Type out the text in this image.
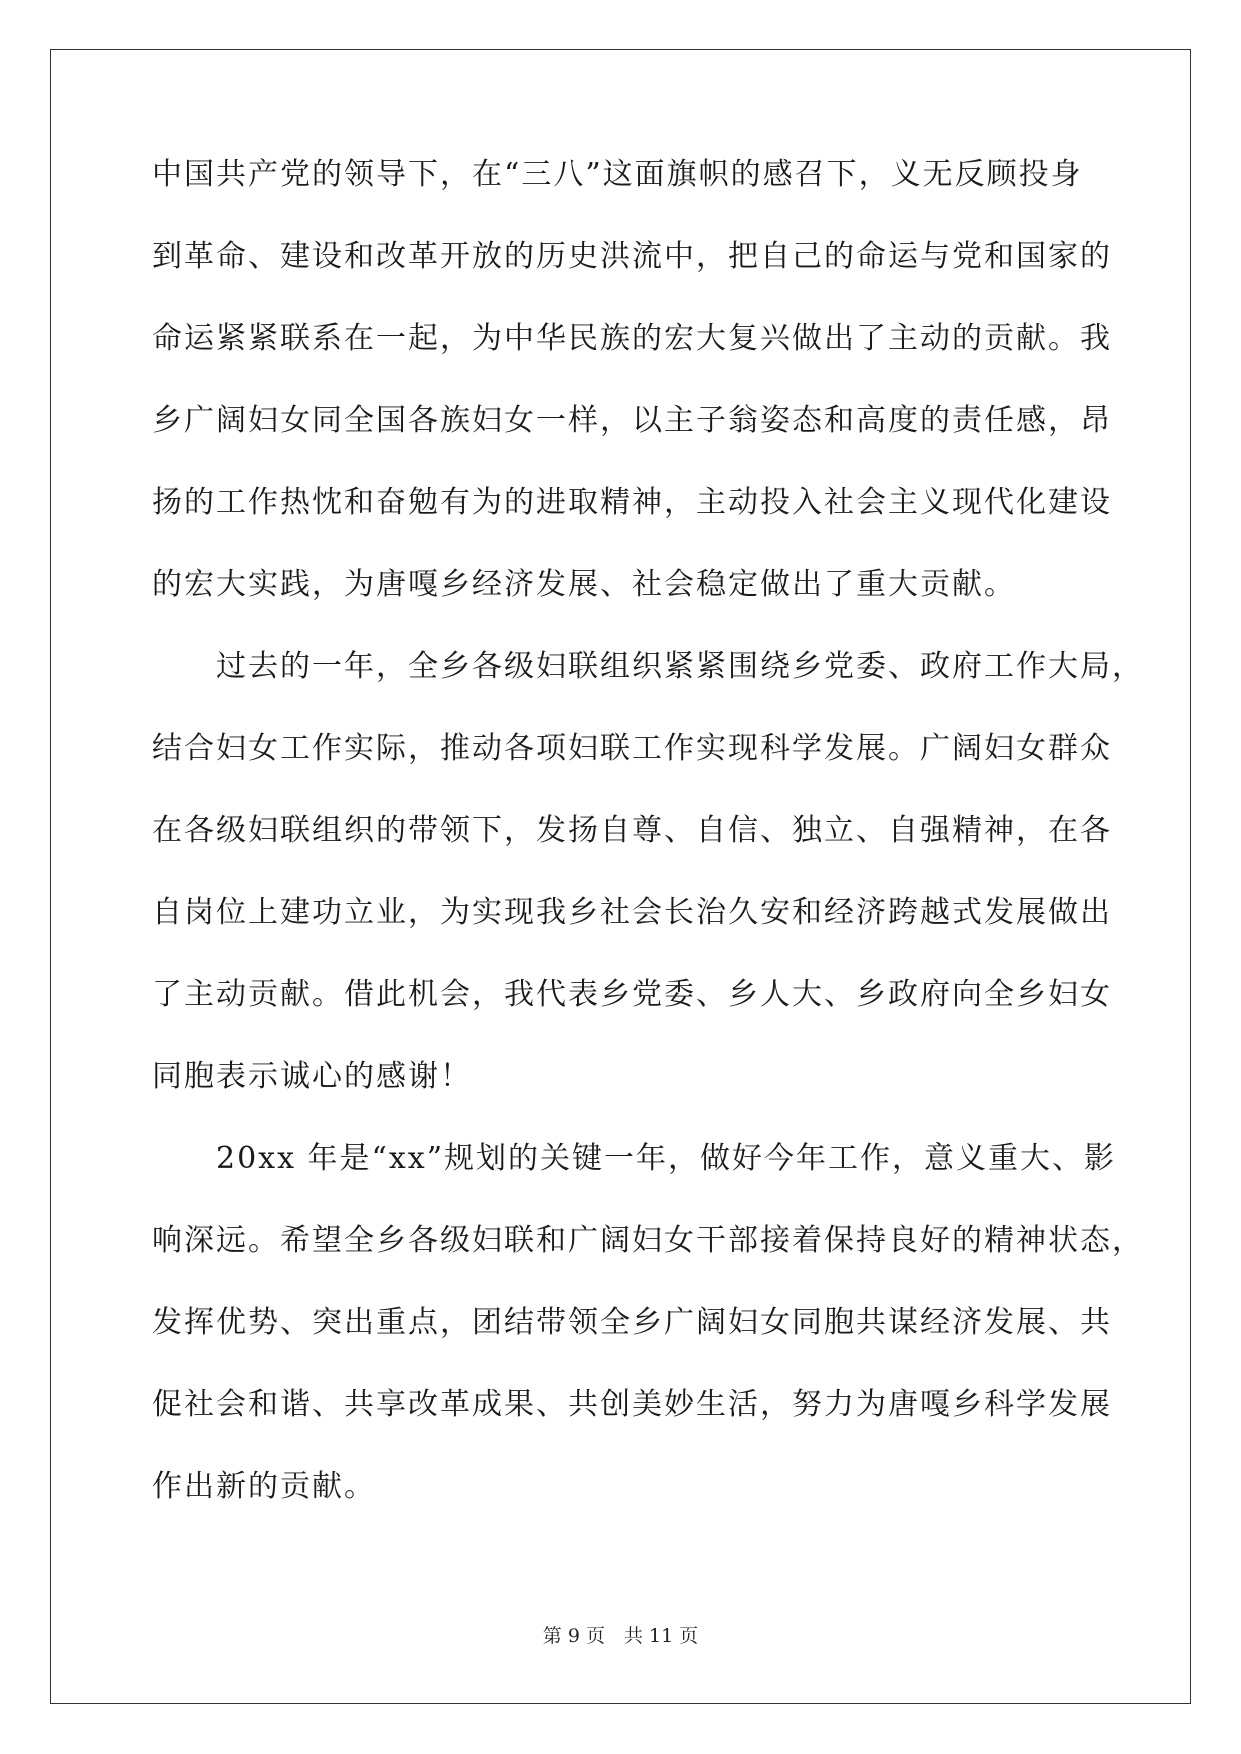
中国共产党的领导下，在“三八”这面旗帜的感召下，义无反顾投身
到革命、建设和改革开放的历史洪流中，把自己的命运与党和国家的
命运紧紧联系在一起，为中华民族的宏大复兴做出了主动的贡献。我
乡广阔妇女同全国各族妇女一样，以主子翁姿态和高度的责任感，昂
扬的工作热忱和奋勉有为的进取精神，主动投入社会主义现代化建设
的宏大实践，为唐嘎乡经济发展、社会稳定做出了重大贡献。
　　过去的一年，全乡各级妇联组织紧紧围绕乡党委、政府工作大局，
结合妇女工作实际，推动各项妇联工作实现科学发展。广阔妇女群众
在各级妇联组织的带领下，发扬自尊、自信、独立、自强精神，在各
自岗位上建功立业，为实现我乡社会长治久安和经济跨越式发展做出
了主动贡献。借此机会，我代表乡党委、乡人大、乡政府向全乡妇女
同胞表示诚心的感谢！
　　20xx 年是“xx”规划的关键一年，做好今年工作，意义重大、影
响深远。希望全乡各级妇联和广阔妇女干部接着保持良好的精神状态，
发挥优势、突出重点，团结带领全乡广阔妇女同胞共谋经济发展、共
促社会和谐、共享改革成果、共创美妙生活，努力为唐嘎乡科学发展
作出新的贡献。
第 9 页　共 11 页
